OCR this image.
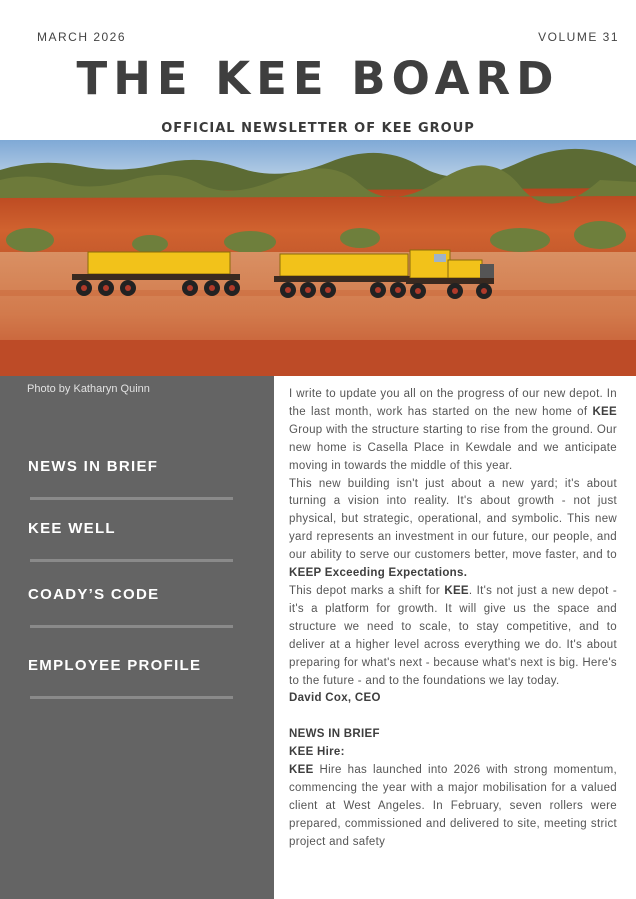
MARCH 2026	VOLUME 31
THE KEE BOARD
OFFICIAL NEWSLETTER OF KEE GROUP
Photo by Katharyn Quinn
NEWS IN BRIEF
KEE WELL
COADY’S CODE
EMPLOYEE PROFILE

I write to update you all on the progress of our new depot. In the last month, work has started on the new home of KEE Group with the structure starting to rise from the ground. Our new home is Casella Place in Kewdale and we anticipate moving in towards the middle of this year.

This new building isn't just about a new yard; it's about turning a vision into reality. It's about growth - not just physical, but strategic, operational, and symbolic. This new yard represents an investment in our future, our people, and our ability to serve our customers better, move faster, and to KEEP Exceeding Expectations.

This depot marks a shift for KEE. It's not just a new depot - it's a platform for growth. It will give us the space and structure we need to scale, to stay competitive, and to deliver at a higher level across everything we do. It's about preparing for what's next - because what's next is big. Here's to the future - and to the foundations we lay today.

David Cox, CEO

NEWS IN BRIEF

KEE Hire:

KEE Hire has launched into 2026 with strong momentum, commencing the year with a major mobilisation for a valued client at West Angeles. In February, seven rollers were prepared, commissioned and delivered to site, meeting strict project and safety
